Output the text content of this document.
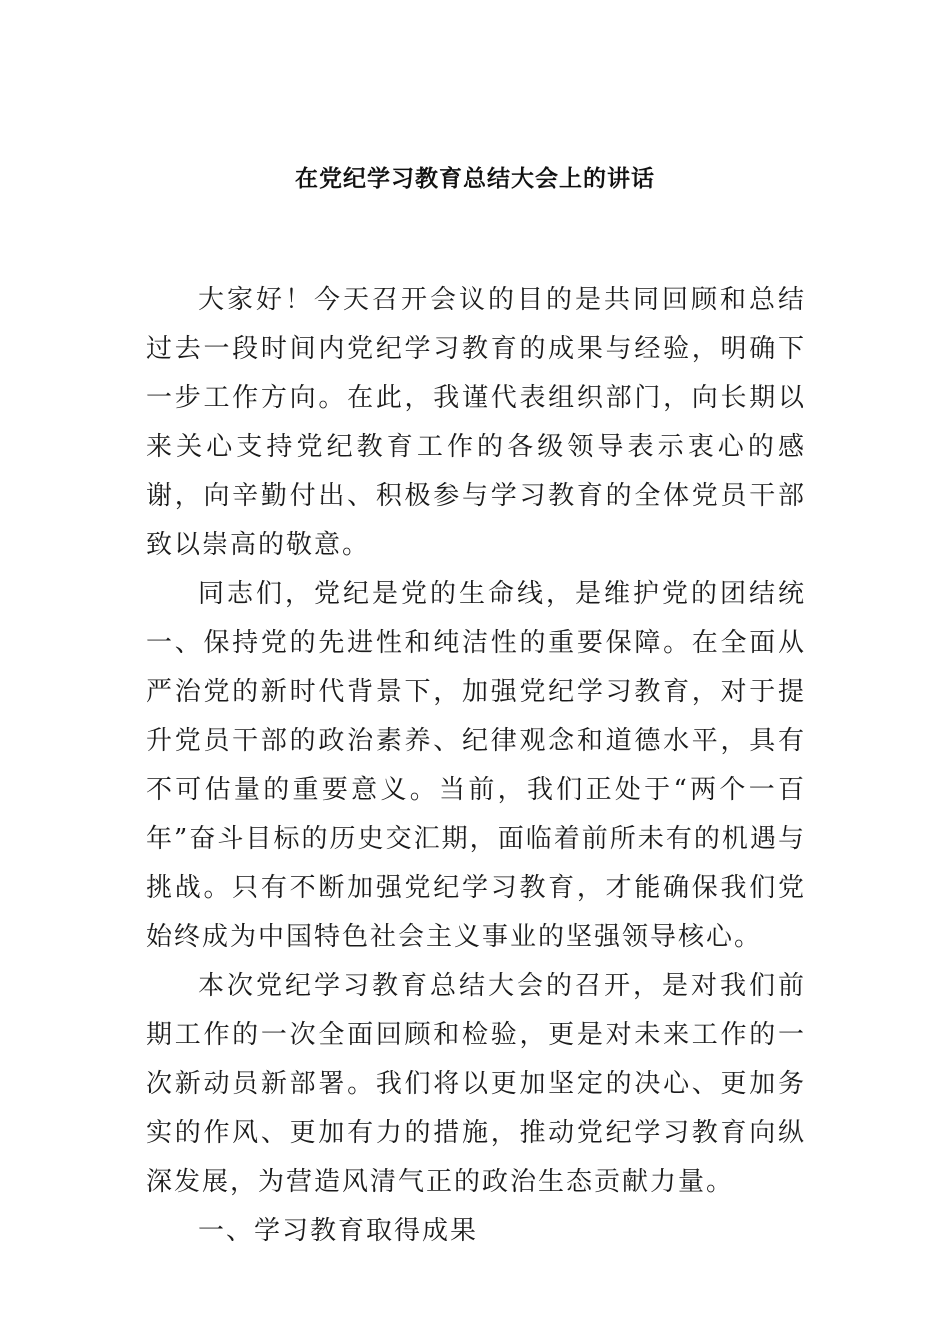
在党纪学习教育总结大会上的讲话

大家好！今天召开会议的目的是共同回顾和总结过去一段时间内党纪学习教育的成果与经验，明确下一步工作方向。在此，我谨代表组织部门，向长期以来关心支持党纪教育工作的各级领导表示衷心的感谢，向辛勤付出、积极参与学习教育的全体党员干部致以崇高的敬意。

同志们，党纪是党的生命线，是维护党的团结统一、保持党的先进性和纯洁性的重要保障。在全面从严治党的新时代背景下，加强党纪学习教育，对于提升党员干部的政治素养、纪律观念和道德水平，具有不可估量的重要意义。当前，我们正处于“两个一百年”奋斗目标的历史交汇期，面临着前所未有的机遇与挑战。只有不断加强党纪学习教育，才能确保我们党始终成为中国特色社会主义事业的坚强领导核心。

本次党纪学习教育总结大会的召开，是对我们前期工作的一次全面回顾和检验，更是对未来工作的一次新动员新部署。我们将以更加坚定的决心、更加务实的作风、更加有力的措施，推动党纪学习教育向纵深发展，为营造风清气正的政治生态贡献力量。

一、学习教育取得成果
